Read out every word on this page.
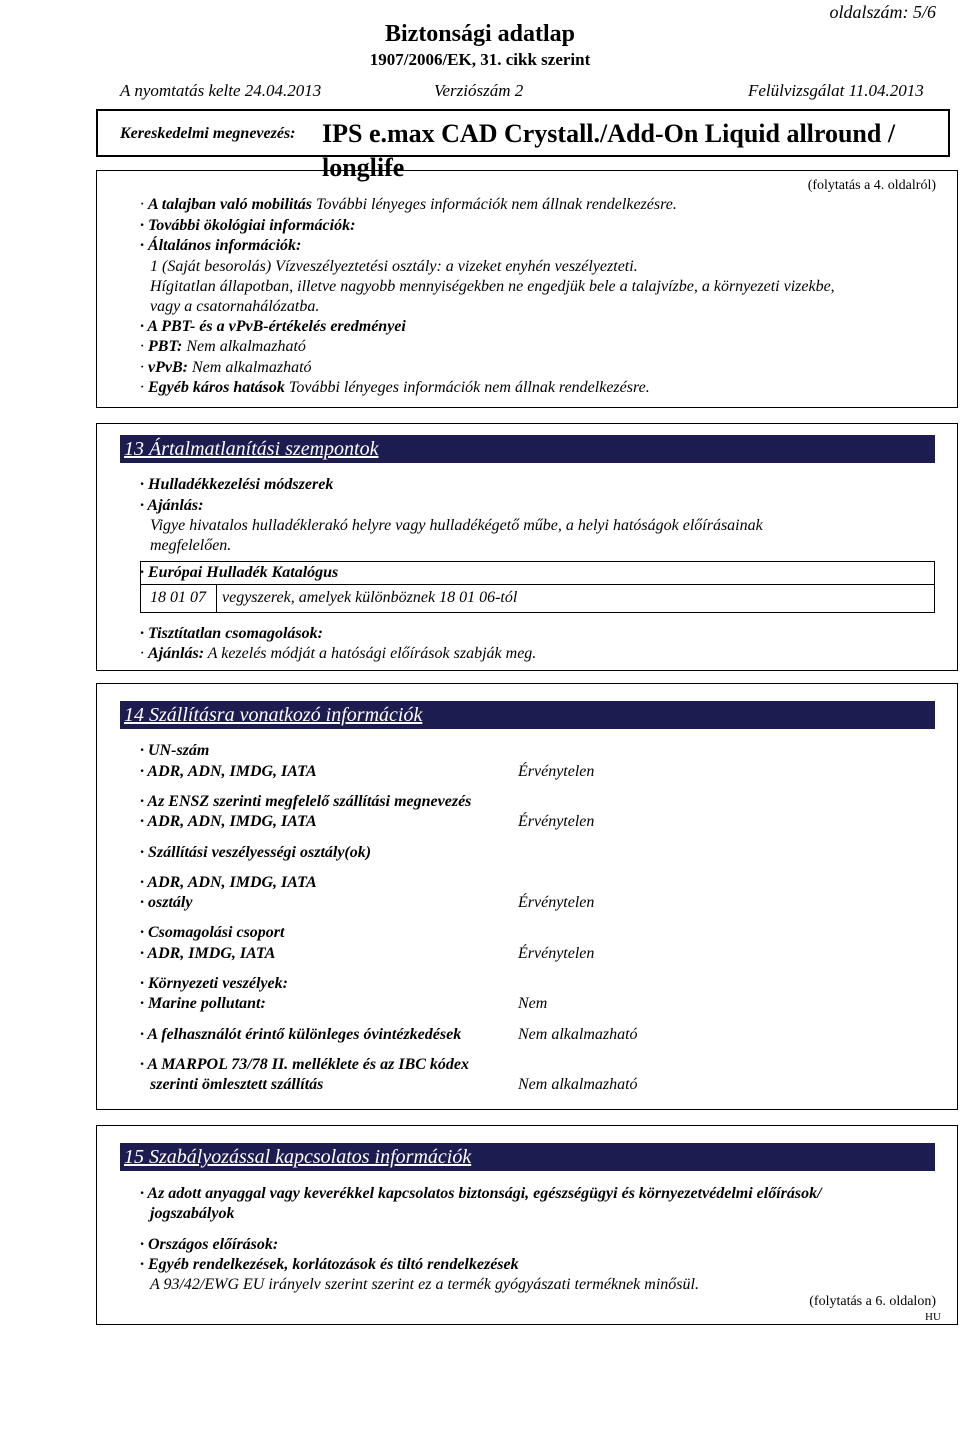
oldalszám: 5/6
Biztonsági adatlap
1907/2006/EK, 31. cikk szerint
A nyomtatás kelte 24.04.2013	Verziószám 2	Felülvizsgálat 11.04.2013
Kereskedelmi megnevezés: IPS e.max CAD Crystall./Add-On Liquid allround / longlife
(folytatás a 4. oldalról)
· A talajban való mobilitás További lényeges információk nem állnak rendelkezésre.
· További ökológiai információk:
· Általános információk:
1 (Saját besorolás) Vízveszélyeztetési osztály: a vizeket enyhén veszélyezteti.
Hígitatlan állapotban, illetve nagyobb mennyiségekben ne engedjük bele a talajvízbe, a környezeti vizekbe,
vagy a csatornahálózatba.
· A PBT- és a vPvB-értékelés eredményei
· PBT: Nem alkalmazható
· vPvB: Nem alkalmazható
· Egyéb káros hatások További lényeges információk nem állnak rendelkezésre.
13 Ártalmatlanítási szempontok
· Hulladékkezelési módszerek
· Ajánlás:
Vigye hivatalos hulladéklerakó helyre vagy hulladékégető műbe, a helyi hatóságok előírásainak
megfelelően.
· Európai Hulladék Katalógus
18 01 07 vegyszerek, amelyek különböznek 18 01 06-tól
· Tisztítatlan csomagolások:
· Ajánlás: A kezelés módját a hatósági előírások szabják meg.
14 Szállításra vonatkozó információk
· UN-szám
· ADR, ADN, IMDG, IATA	Érvénytelen
· Az ENSZ szerinti megfelelő szállítási megnevezés
· ADR, ADN, IMDG, IATA	Érvénytelen
· Szállítási veszélyességi osztály(ok)
· ADR, ADN, IMDG, IATA
· osztály	Érvénytelen
· Csomagolási csoport
· ADR, IMDG, IATA	Érvénytelen
· Környezeti veszélyek:
· Marine pollutant:	Nem
· A felhasználót érintő különleges óvintézkedések	Nem alkalmazható
· A MARPOL 73/78 II. melléklete és az IBC kódex
szerinti ömlesztett szállítás	Nem alkalmazható
15 Szabályozással kapcsolatos információk
· Az adott anyaggal vagy keverékkel kapcsolatos biztonsági, egészségügyi és környezetvédelmi előírások/
jogszabályok
· Országos előírások:
· Egyéb rendelkezések, korlátozások és tiltó rendelkezések
A 93/42/EWG EU irányelv szerint szerint ez a termék gyógyászati terméknek minősül.
(folytatás a 6. oldalon)
HU
